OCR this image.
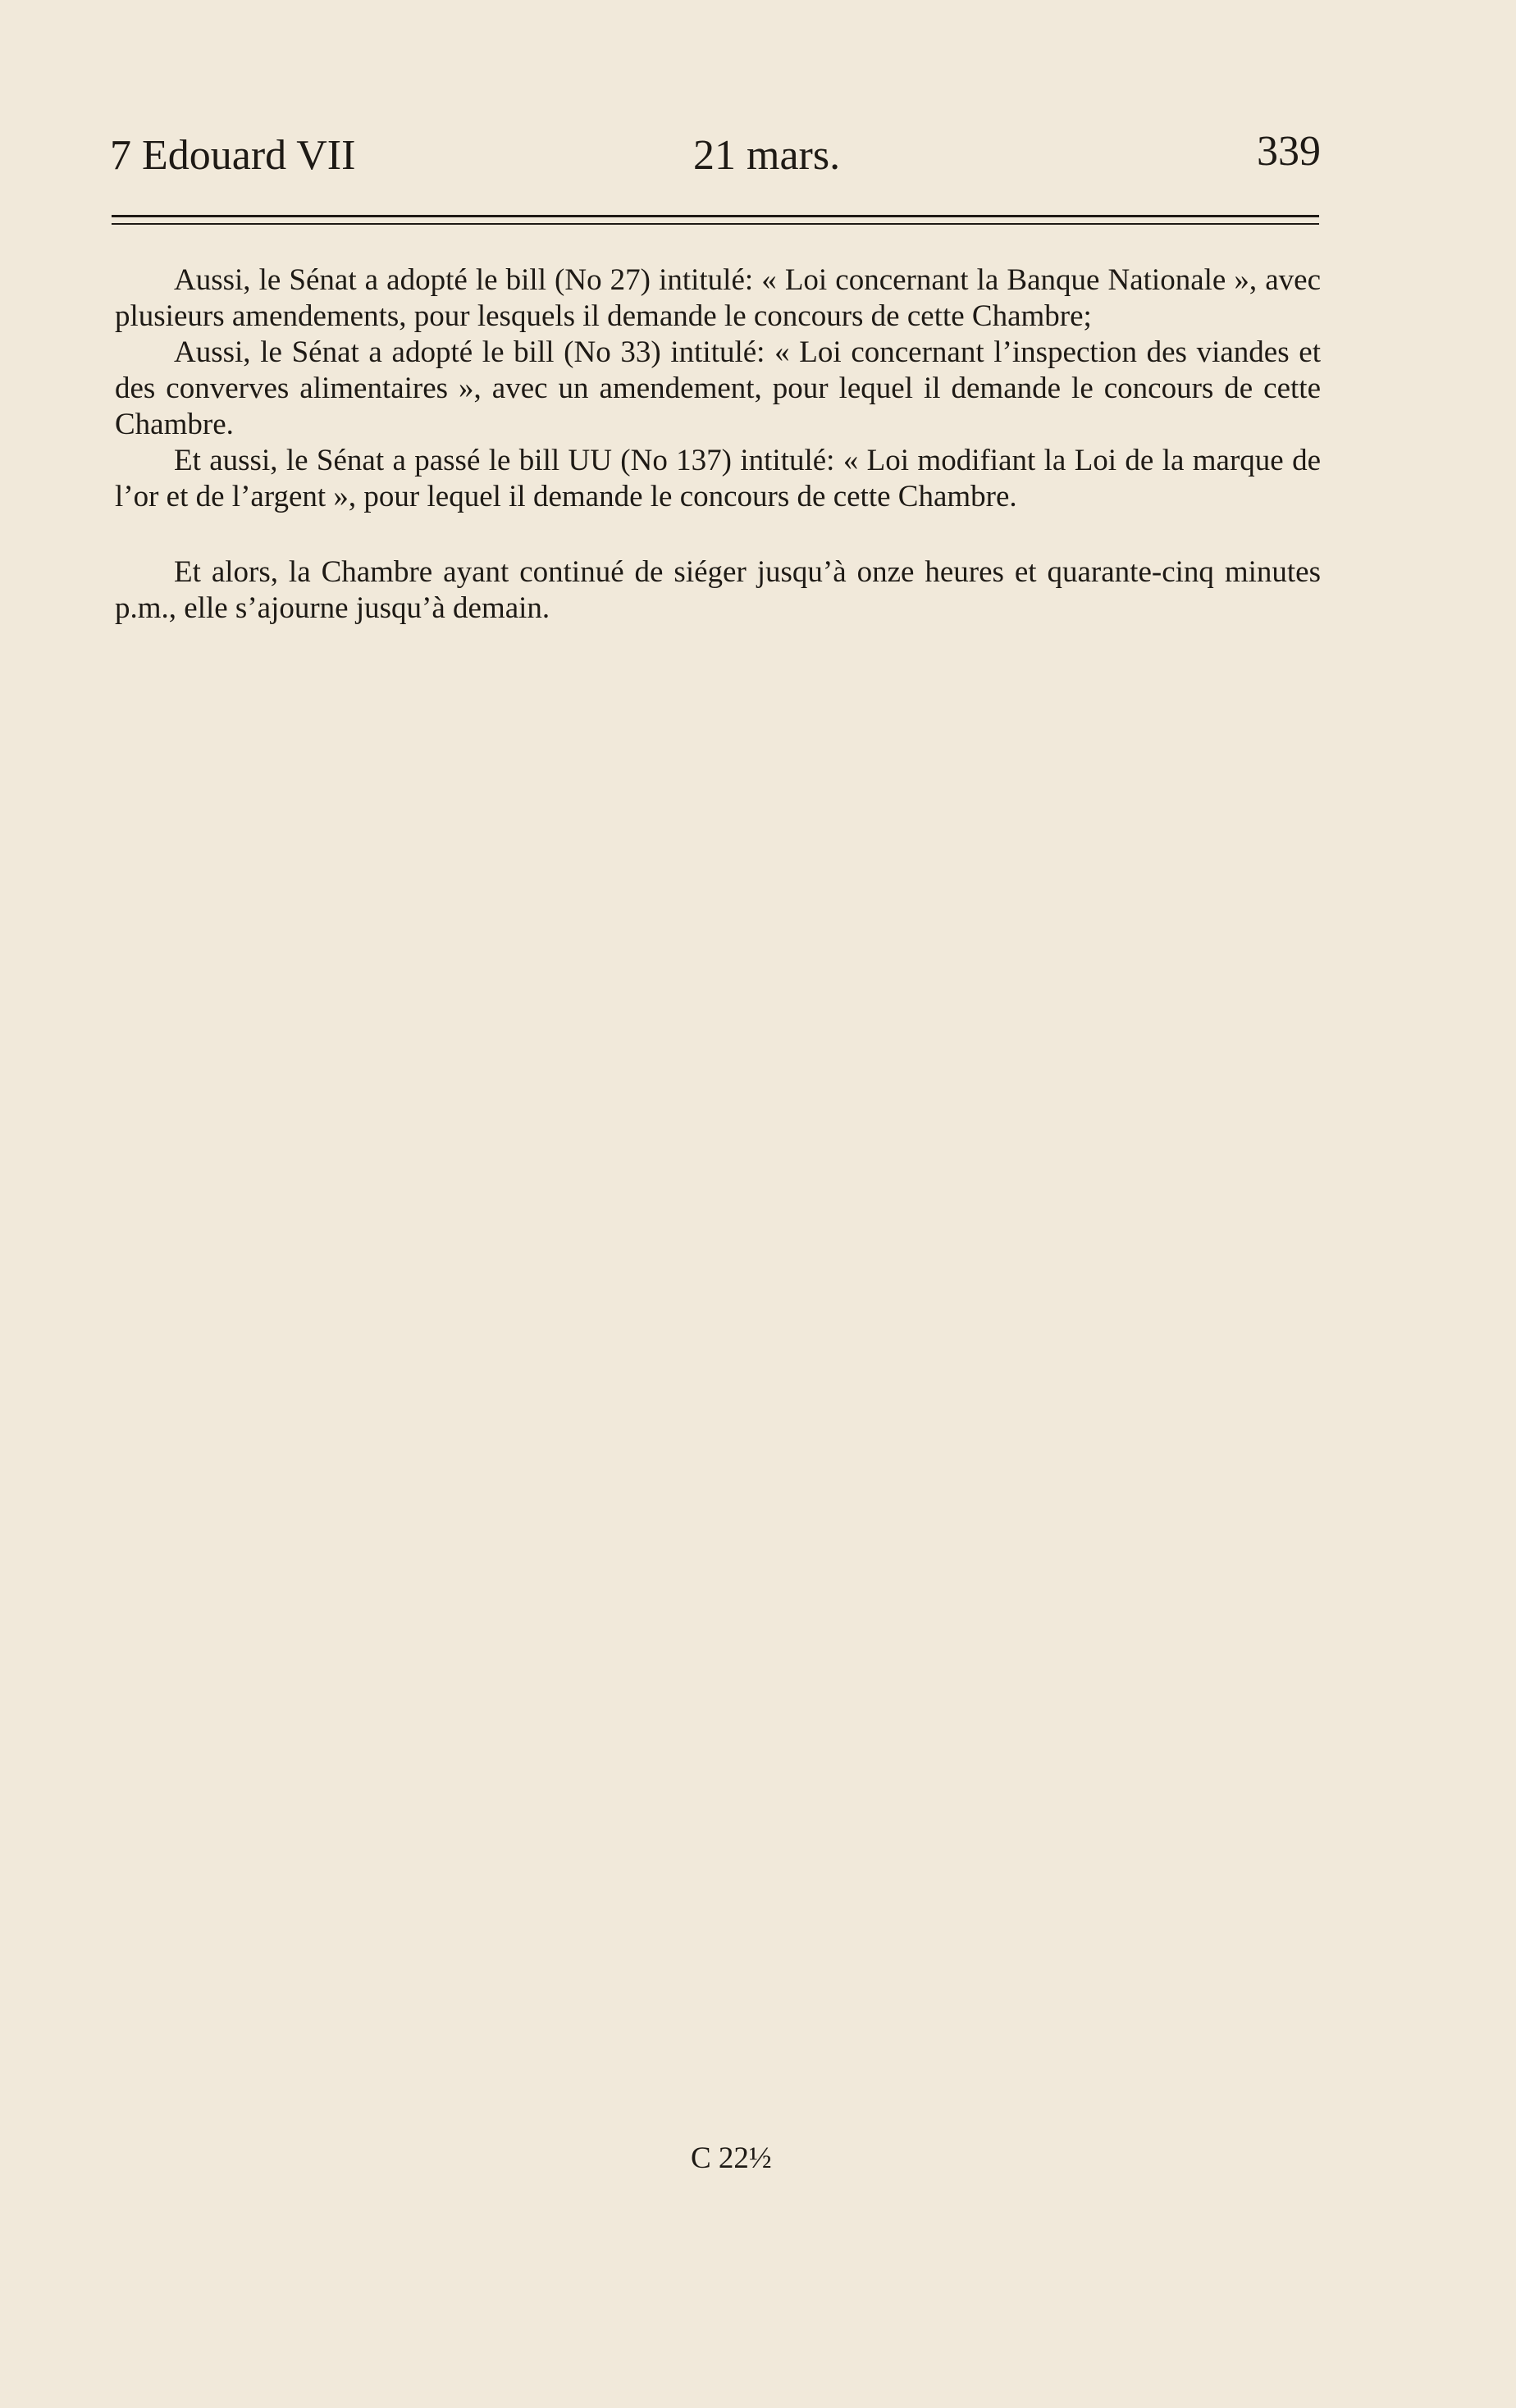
7 Edouard VII	21 mars.	339

Aussi, le Sénat a adopté le bill (No 27) intitulé: « Loi concernant la Banque Nationale », avec plusieurs amendements, pour lesquels il demande le concours de cette Chambre;

Aussi, le Sénat a adopté le bill (No 33) intitulé: « Loi concernant l’inspection des viandes et des converves alimentaires », avec un amendement, pour lequel il demande le concours de cette Chambre.

Et aussi, le Sénat a passé le bill UU (No 137) intitulé: « Loi modifiant la Loi de la marque de l’or et de l’argent », pour lequel il demande le concours de cette Chambre.

Et alors, la Chambre ayant continué de siéger jusqu’à onze heures et quarante-cinq minutes p.m., elle s’ajourne jusqu’à demain.

C 22½
